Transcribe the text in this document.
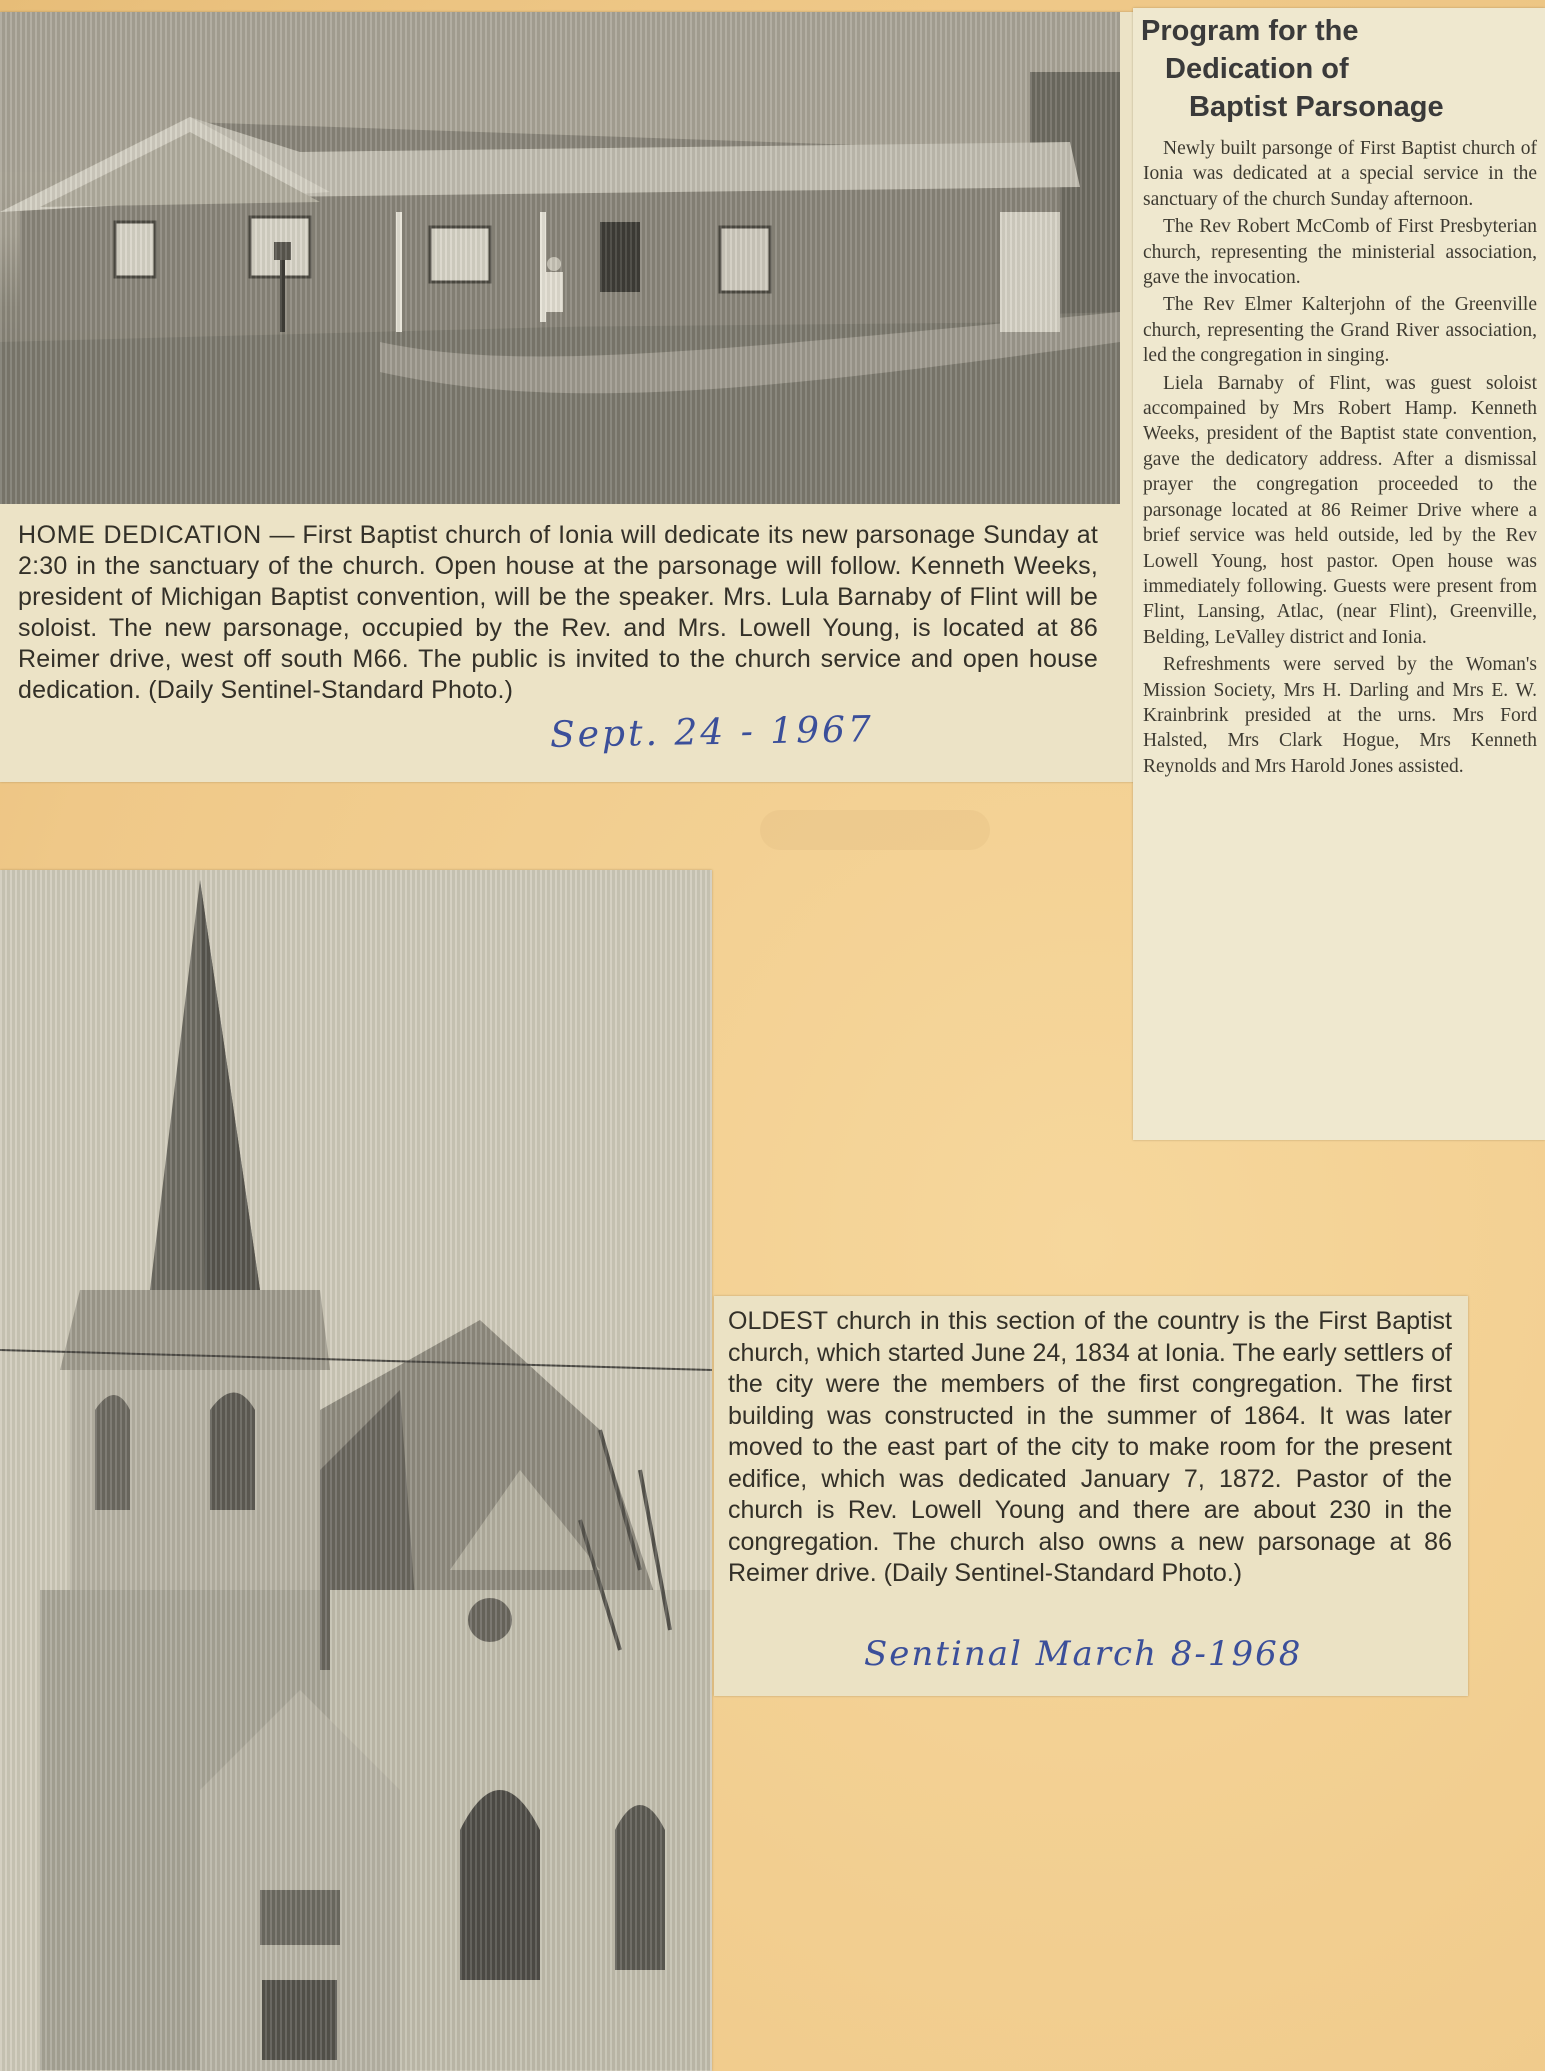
HOME DEDICATION — First Baptist church of Ionia will dedicate its new parsonage Sunday at 2:30 in the sanctuary of the church. Open house at the parsonage will follow. Kenneth Weeks, president of Michigan Baptist convention, will be the speaker. Mrs. Lula Barnaby of Flint will be soloist. The new parsonage, occupied by the Rev. and Mrs. Lowell Young, is located at 86 Reimer drive, west off south M66. The public is invited to the church service and open house dedication. (Daily Sentinel-Standard Photo.)
Sept. 24 - 1967
Program for the
Dedication of
Baptist Parsonage

Newly built parsonge of First Baptist church of Ionia was dedicated at a special service in the sanctuary of the church Sunday afternoon.

The Rev Robert McComb of First Presbyterian church, representing the ministerial association, gave the invocation.

The Rev Elmer Kalterjohn of the Greenville church, representing the Grand River association, led the congregation in singing.

Liela Barnaby of Flint, was guest soloist accompained by Mrs Robert Hamp. Kenneth Weeks, president of the Baptist state convention, gave the dedicatory address. After a dismissal prayer the congregation proceeded to the parsonage located at 86 Reimer Drive where a brief service was held outside, led by the Rev Lowell Young, host pastor. Open house was immediately following. Guests were present from Flint, Lansing, Atlac, (near Flint), Greenville, Belding, LeValley district and Ionia.

Refreshments were served by the Woman's Mission Society, Mrs H. Darling and Mrs E. W. Krainbrink presided at the urns. Mrs Ford Halsted, Mrs Clark Hogue, Mrs Kenneth Reynolds and Mrs Harold Jones assisted.

OLDEST church in this section of the country is the First Baptist church, which started June 24, 1834 at Ionia. The early settlers of the city were the members of the first congregation. The first building was constructed in the summer of 1864. It was later moved to the east part of the city to make room for the present edifice, which was dedicated January 7, 1872. Pastor of the church is Rev. Lowell Young and there are about 230 in the congregation. The church also owns a new parsonage at 86 Reimer drive. (Daily Sentinel-Standard Photo.)
Sentinal March 8-1968
